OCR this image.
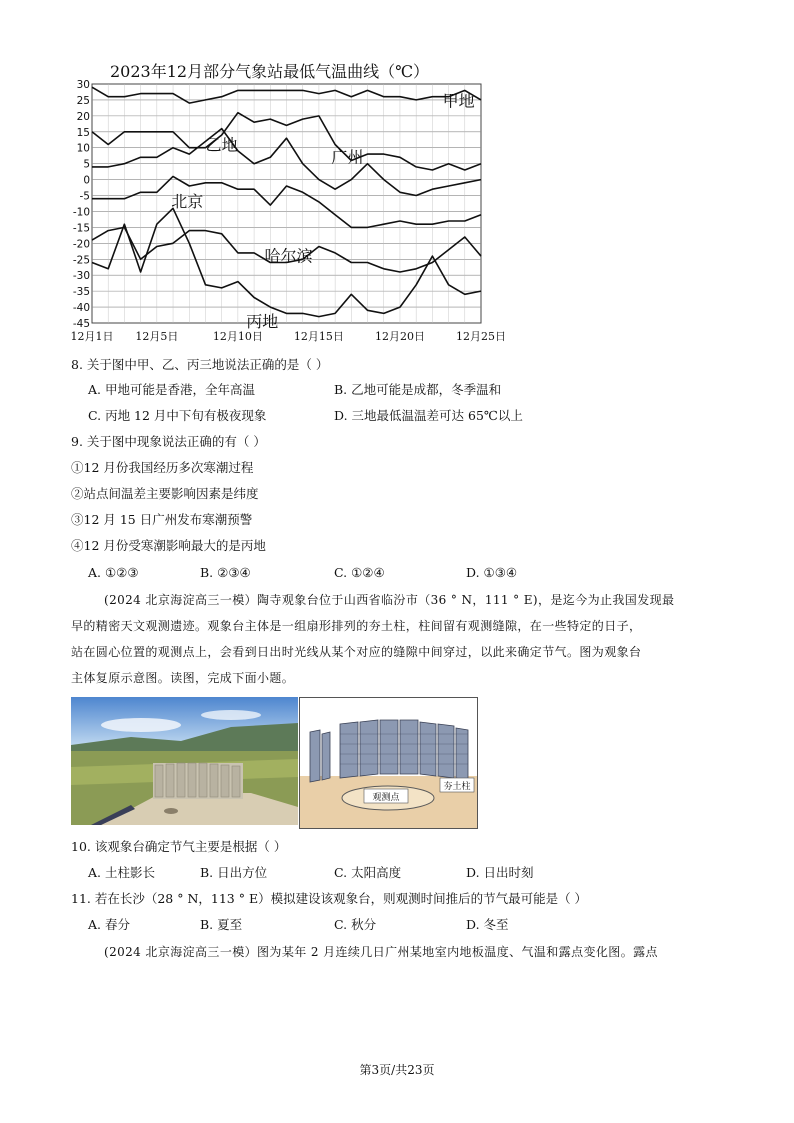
2023年12月部分气象站最低气温曲线（℃）
30
25
20
15
10
5
0
-5
-10
-15
-20
-25
-30
-35
-40
-45
12月1日 12月5日	12月10日	12月15日	12月20日	12月25日
甲地
广州
乙地
北京
哈尔滨
丙地
8. 关于图中甲、乙、丙三地说法正确的是（ ）
A. 甲地可能是香港，全年高温	B. 乙地可能是成都，冬季温和
C. 丙地 12 月中下旬有极夜现象	D. 三地最低温温差可达 65℃以上
9. 关于图中现象说法正确的有（ ）
①12 月份我国经历多次寒潮过程
②站点间温差主要影响因素是纬度
③12 月 15 日广州发布寒潮预警
④12 月份受寒潮影响最大的是丙地
A. ①②③	B. ②③④	C. ①②④	D. ①③④
(2024 北京海淀高三一模）陶寺观象台位于山西省临汾市（36 ° N，111 ° E)，是迄今为止我国发现最
早的精密天文观测遗迹。观象台主体是一组扇形排列的夯土柱，柱间留有观测缝隙，在一些特定的日子，
站在圆心位置的观测点上，会看到日出时光线从某个对应的缝隙中间穿过，以此来确定节气。图为观象台
主体复原示意图。读图，完成下面小题。
观测点
夯土柱
10. 该观象台确定节气主要是根据（ ）
A. 土柱影长	B. 日出方位	C. 太阳高度	D. 日出时刻
11. 若在长沙（28 ° N，113 ° E）模拟建设该观象台，则观测时间推后的节气最可能是（ ）
A. 春分	B. 夏至	C. 秋分	D. 冬至
(2024 北京海淀高三一模）图为某年 2 月连续几日广州某地室内地板温度、气温和露点变化图。露点
第3页/共23页
